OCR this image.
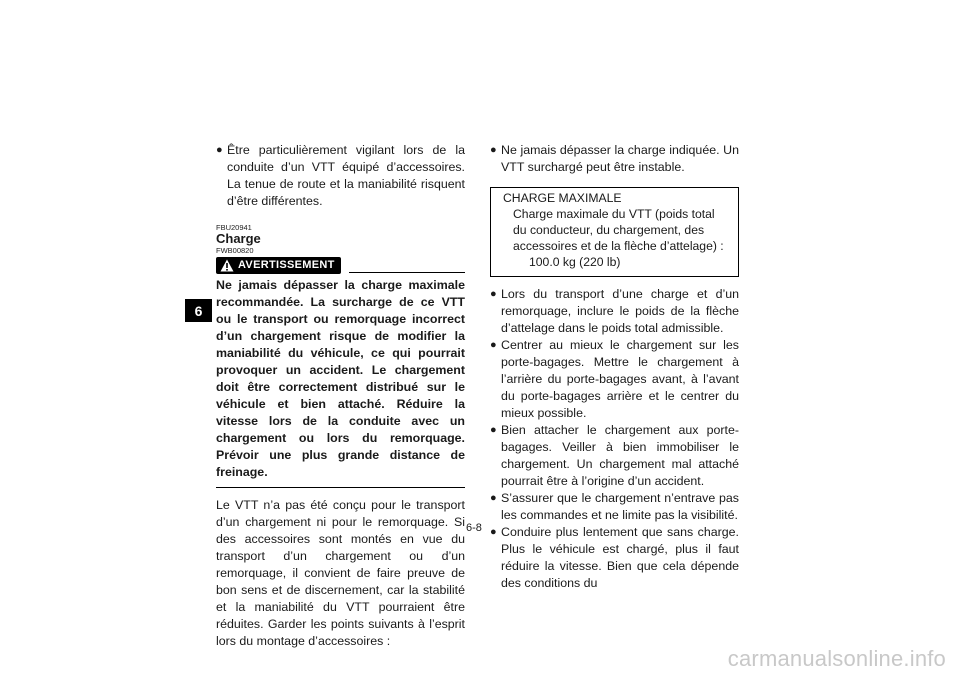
6
● Être particulièrement vigilant lors de la conduite d’un VTT équipé d’accessoires. La tenue de route et la maniabilité risquent d’être différentes.
FBU20941
Charge
FWB00820
AVERTISSEMENT
Ne jamais dépasser la charge maximale recommandée. La surcharge de ce VTT ou le transport ou remorquage incorrect d’un chargement risque de modifier la maniabilité du véhicule, ce qui pourrait provoquer un accident. Le chargement doit être correctement distribué sur le véhicule et bien attaché. Réduire la vitesse lors de la conduite avec un chargement ou lors du remorquage. Prévoir une plus grande distance de freinage.
Le VTT n’a pas été conçu pour le transport d’un chargement ni pour le remorquage. Si des accessoires sont montés en vue du transport d’un chargement ou d’un remorquage, il convient de faire preuve de bon sens et de discernement, car la stabilité et la maniabilité du VTT pourraient être réduites. Garder les points suivants à l’esprit lors du montage d’accessoires :
● Ne jamais dépasser la charge indiquée. Un VTT surchargé peut être instable.
CHARGE MAXIMALE
Charge maximale du VTT (poids total du conducteur, du chargement, des accessoires et de la flèche d’attelage) :
100.0 kg (220 lb)
● Lors du transport d’une charge et d’un remorquage, inclure le poids de la flèche d’attelage dans le poids total admissible.
● Centrer au mieux le chargement sur les porte-bagages. Mettre le chargement à l’arrière du porte-bagages avant, à l’avant du porte-bagages arrière et le centrer du mieux possible.
● Bien attacher le chargement aux porte-bagages. Veiller à bien immobiliser le chargement. Un chargement mal attaché pourrait être à l’origine d’un accident.
● S’assurer que le chargement n’entrave pas les commandes et ne limite pas la visibilité.
● Conduire plus lentement que sans charge. Plus le véhicule est chargé, plus il faut réduire la vitesse. Bien que cela dépende des conditions du
6-8
carmanualsonline.info
